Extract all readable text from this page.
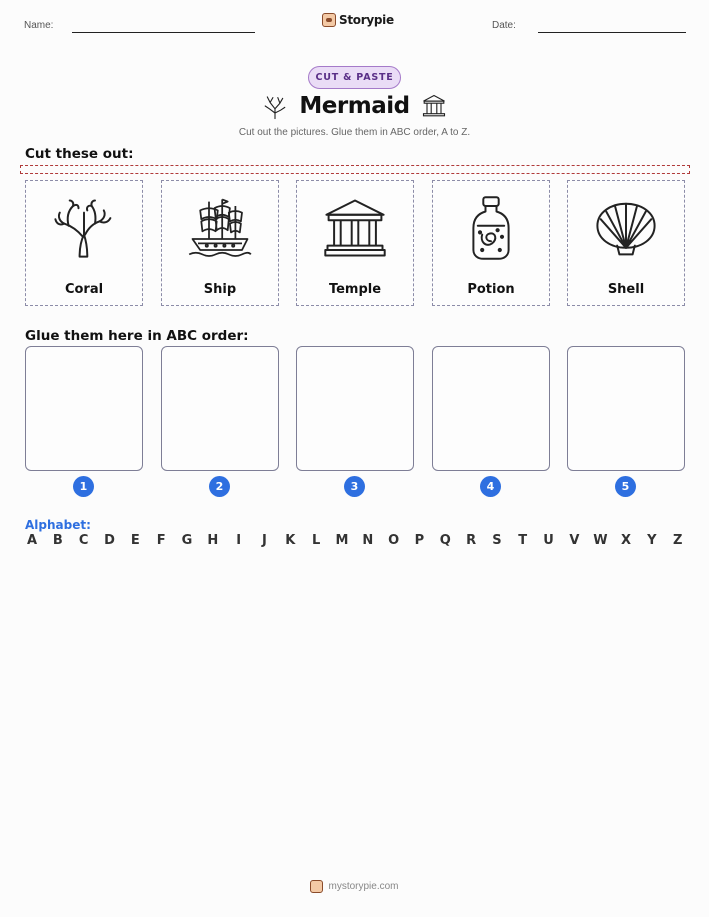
Name:	Storypie	Date:
CUT & PASTE
Mermaid
Cut out the pictures. Glue them in ABC order, A to Z.
Cut these out:
Coral	Ship	Temple	Potion	Shell
Glue them here in ABC order:
1	2	3	4	5
Alphabet:
A B C D E F G H	I	J	K L M N O P Q R S T U V W X Y Z
mystorypie.com
